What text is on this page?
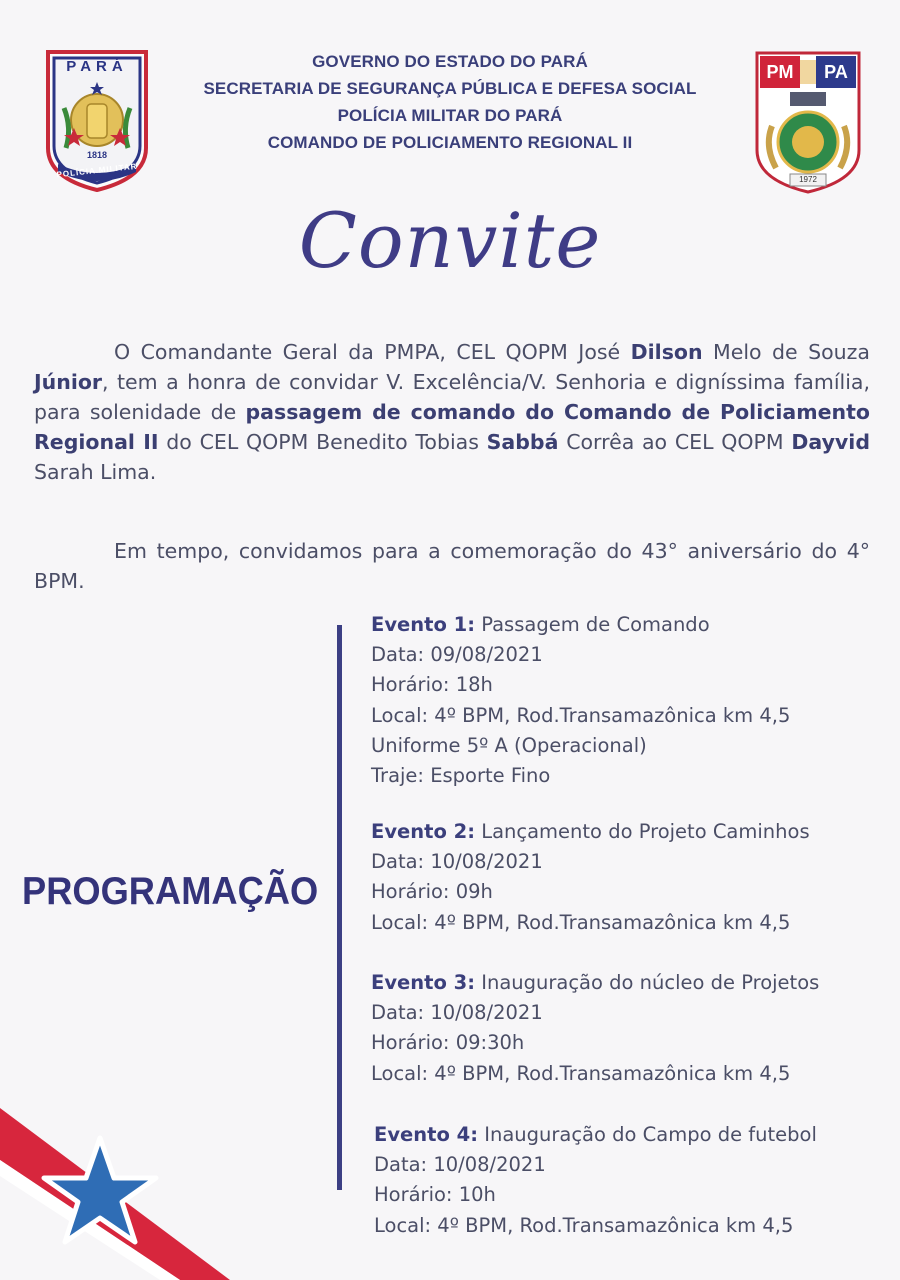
PARÁ
1818
POLÍCIA MILITAR
GOVERNO DO ESTADO DO PARÁ
SECRETARIA DE SEGURANÇA PÚBLICA E DEFESA SOCIAL
POLÍCIA MILITAR DO PARÁ
COMANDO DE POLICIAMENTO REGIONAL II
PM	PA
1972
Convite
O Comandante Geral da PMPA, CEL QOPM José Dilson Melo de Souza Júnior, tem a honra de convidar V. Excelência/V. Senhoria e digníssima família, para solenidade de passagem de comando do Comando de Policiamento Regional II do CEL QOPM Benedito Tobias Sabbá Corrêa ao CEL QOPM Dayvid Sarah Lima.
Em tempo, convidamos para a comemoração do 43° aniversário do 4° BPM.
PROGRAMAÇÃO
Evento 1: Passagem de Comando
Data: 09/08/2021
Horário: 18h
Local: 4º BPM, Rod.Transamazônica km 4,5
Uniforme 5º A (Operacional)
Traje: Esporte Fino
Evento 2: Lançamento do Projeto Caminhos
Data: 10/08/2021
Horário: 09h
Local: 4º BPM, Rod.Transamazônica km 4,5
Evento 3: Inauguração do núcleo de Projetos
Data: 10/08/2021
Horário: 09:30h
Local: 4º BPM, Rod.Transamazônica km 4,5
Evento 4: Inauguração do Campo de futebol
Data: 10/08/2021
Horário: 10h
Local: 4º BPM, Rod.Transamazônica km 4,5
